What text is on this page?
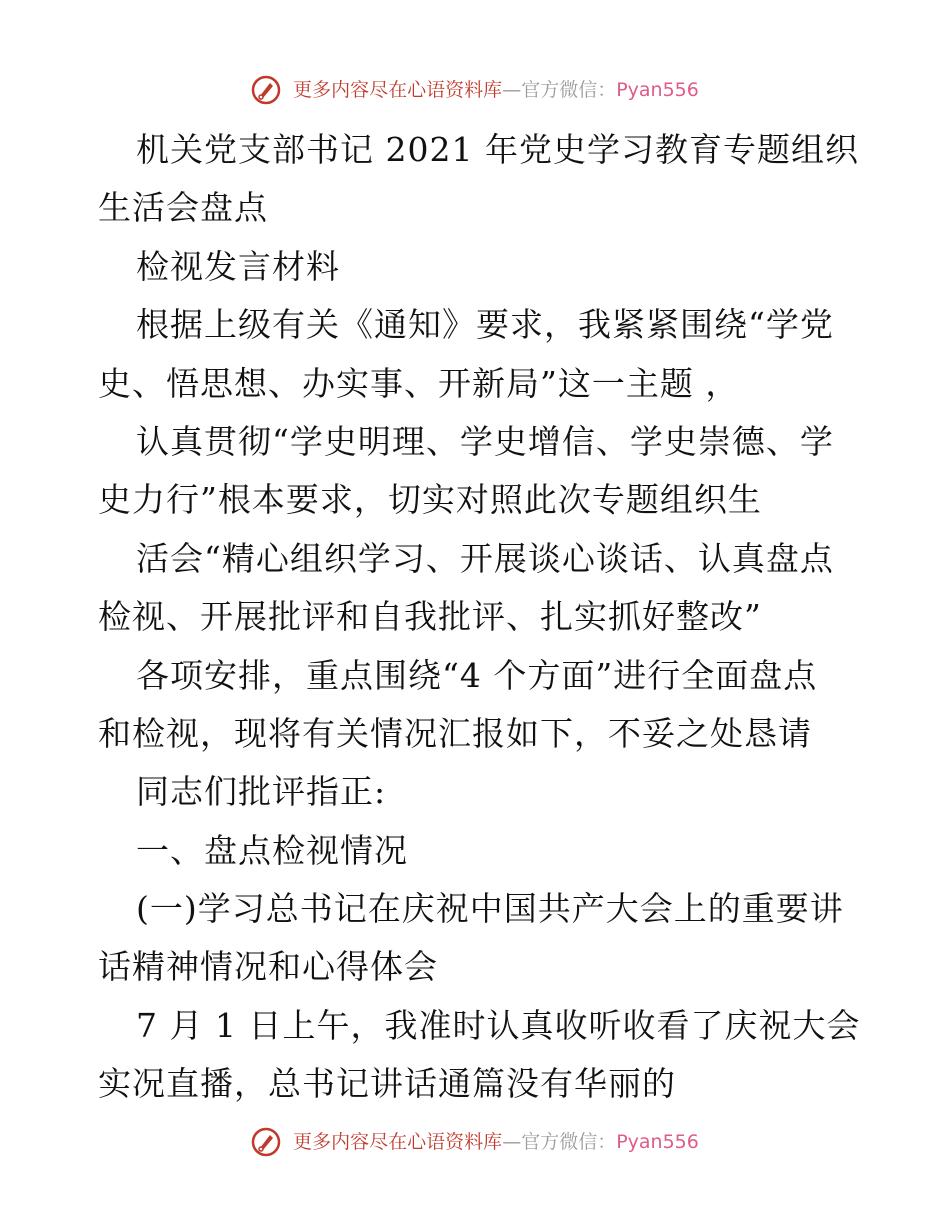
更多内容尽在心语资料库—官方微信：Pyan556
机关党支部书记 2021 年党史学习教育专题组织
生活会盘点
检视发言材料
根据上级有关《通知》要求，我紧紧围绕“学党
史、悟思想、办实事、开新局”这一主题 ，
认真贯彻“学史明理、学史增信、学史崇德、学
史力行”根本要求，切实对照此次专题组织生
活会“精心组织学习、开展谈心谈话、认真盘点
检视、开展批评和自我批评、扎实抓好整改”
各项安排，重点围绕“4 个方面”进行全面盘点
和检视，现将有关情况汇报如下，不妥之处恳请
同志们批评指正:
一、盘点检视情况
(一)学习总书记在庆祝中国共产大会上的重要讲
话精神情况和心得体会
7 月 1 日上午，我准时认真收听收看了庆祝大会
实况直播，总书记讲话通篇没有华丽的
更多内容尽在心语资料库—官方微信：Pyan556
